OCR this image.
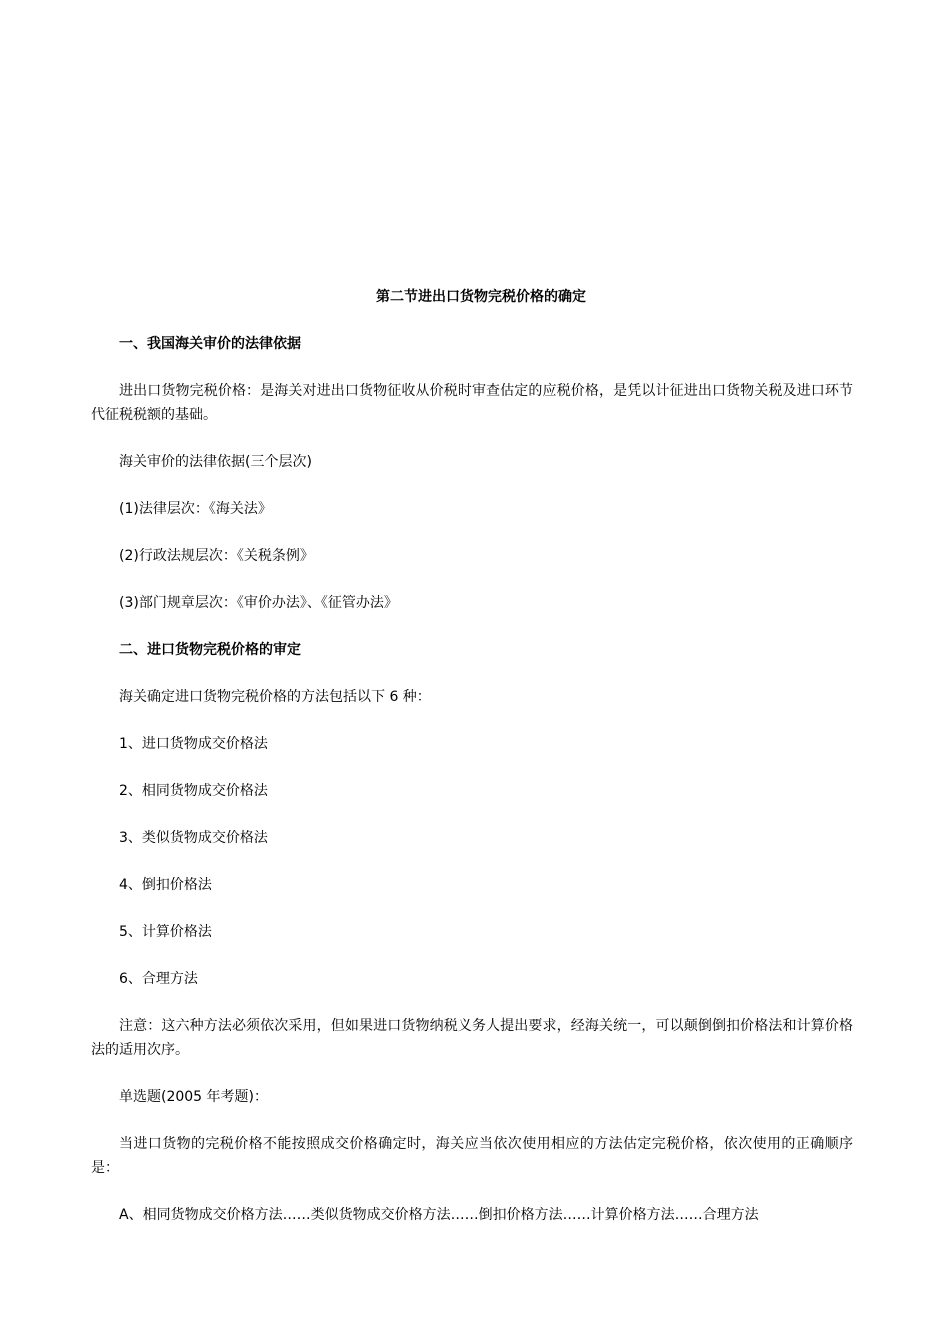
第二节进出口货物完税价格的确定

一、我国海关审价的法律依据

进出口货物完税价格：是海关对进出口货物征收从价税时审查估定的应税价格，是凭以计征进出口货物关税及进口环节代征税税额的基础。

海关审价的法律依据(三个层次)

(1)法律层次：《海关法》

(2)行政法规层次：《关税条例》

(3)部门规章层次：《审价办法》、《征管办法》

二、进口货物完税价格的审定

海关确定进口货物完税价格的方法包括以下 6 种：

1、进口货物成交价格法

2、相同货物成交价格法

3、类似货物成交价格法

4、倒扣价格法

5、计算价格法

6、合理方法

注意：这六种方法必须依次采用，但如果进口货物纳税义务人提出要求，经海关统一，可以颠倒倒扣价格法和计算价格法的适用次序。

单选题(2005 年考题)：

当进口货物的完税价格不能按照成交价格确定时，海关应当依次使用相应的方法估定完税价格，依次使用的正确顺序是：

A、相同货物成交价格方法……类似货物成交价格方法……倒扣价格方法……计算价格方法……合理方法
